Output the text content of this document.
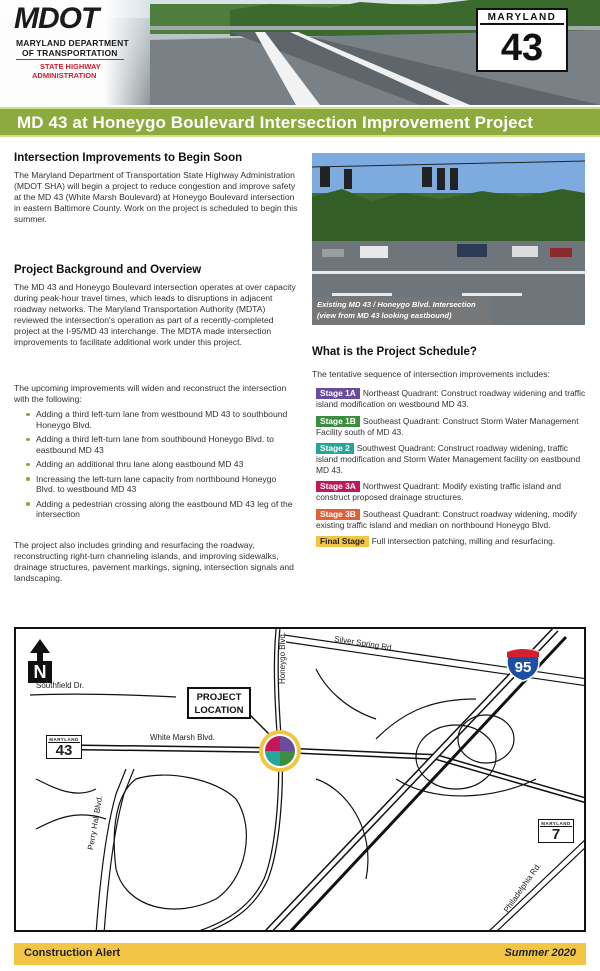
MDOT
MARYLAND DEPARTMENT
OF TRANSPORTATION
STATE HIGHWAY
ADMINISTRATION
MARYLAND
43
MD 43 at Honeygo Boulevard Intersection Improvement Project
Intersection Improvements to Begin Soon

The Maryland Department of Transportation State Highway Administration (MDOT SHA) will begin a project to reduce congestion and improve safety at the MD 43 (White Marsh Boulevard) at Honeygo Boulevard intersection in eastern Baltimore County. Work on the project is scheduled to begin this summer.

Project Background and Overview

The MD 43 and Honeygo Boulevard intersection operates at over capacity during peak-hour travel times, which leads to disruptions in adjacent roadway networks. The Maryland Transportation Authority (MDTA) reviewed the intersection's operation as part of a recently-completed project at the I-95/MD 43 interchange. The MDTA made intersection improvements to facilitate additional work under this project.

The upcoming improvements will widen and reconstruct the intersection with the following:

Adding a third left-turn lane from westbound MD 43 to southbound Honeygo Blvd.
Adding a third left-turn lane from southbound Honeygo Blvd. to eastbound MD 43
Adding an additional thru lane along eastbound MD 43
Increasing the left-turn lane capacity from northbound Honeygo Blvd. to westbound MD 43
Adding a pedestrian crossing along the eastbound MD 43 leg of the intersection

The project also includes grinding and resurfacing the roadway, reconstructing right-turn channeling islands, and improving sidewalks, drainage structures, pavement markings, signing, intersection signals and landscaping.

Existing MD 43 / Honeygo Blvd. Intersection
(view from MD 43 looking eastbound)
What is the Project Schedule?

The tentative sequence of intersection improvements includes:

Stage 1A Northeast Quadrant: Construct roadway widening and traffic island modification on westbound MD 43.
Stage 1B Southeast Quadrant: Construct Storm Water Management Facility south of MD 43.
Stage 2 Southwest Quadrant: Construct roadway widening, traffic island modification and Storm Water Management facility on eastbound MD 43.
Stage 3A Northwest Quadrant: Modify existing traffic island and construct proposed drainage structures.
Stage 3B Southeast Quadrant: Construct roadway widening, modify existing traffic island and median on northbound Honeygo Blvd.
Final Stage Full intersection patching, milling and resurfacing.
N
Southfield Dr.
White Marsh Blvd.
Honeygo Blvd.	Silver Spring Rd.
Perry Hall Blvd.
Philadelphia Rd.
PROJECT
LOCATION
MARYLAND
43
MARYLAND
7
95
Construction Alert	Summer 2020
